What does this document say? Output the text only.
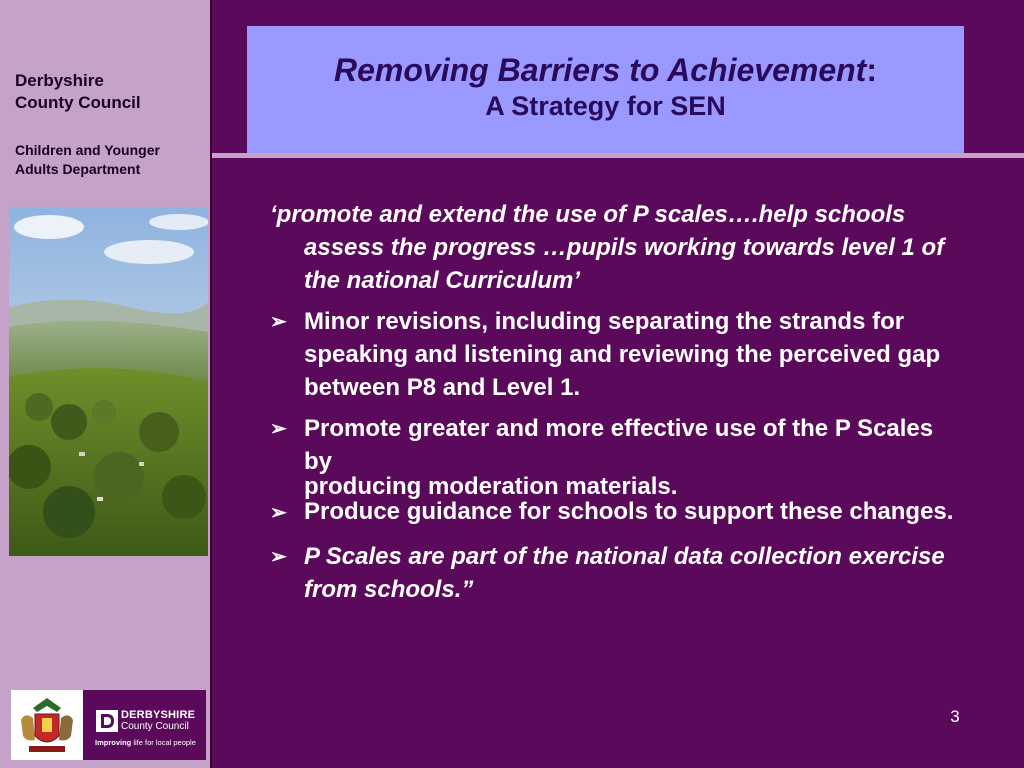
Derbyshire
County Council
Children and Younger
Adults Department
DERBYSHIRE
County Council
Improving life for local people
Removing Barriers to Achievement:
A Strategy for SEN
‘promote and extend the use of P scales….help schools assess the progress …pupils working towards level 1 of the national Curriculum’
➢ Minor revisions, including separating the strands for speaking and listening and reviewing the perceived gap between P8 and Level 1.
➢ Promote greater and more effective use of the P Scales by
producing moderation materials.
➢ Produce guidance for schools to support these changes.
➢ P Scales are part of the national data collection exercise from schools.”
3
